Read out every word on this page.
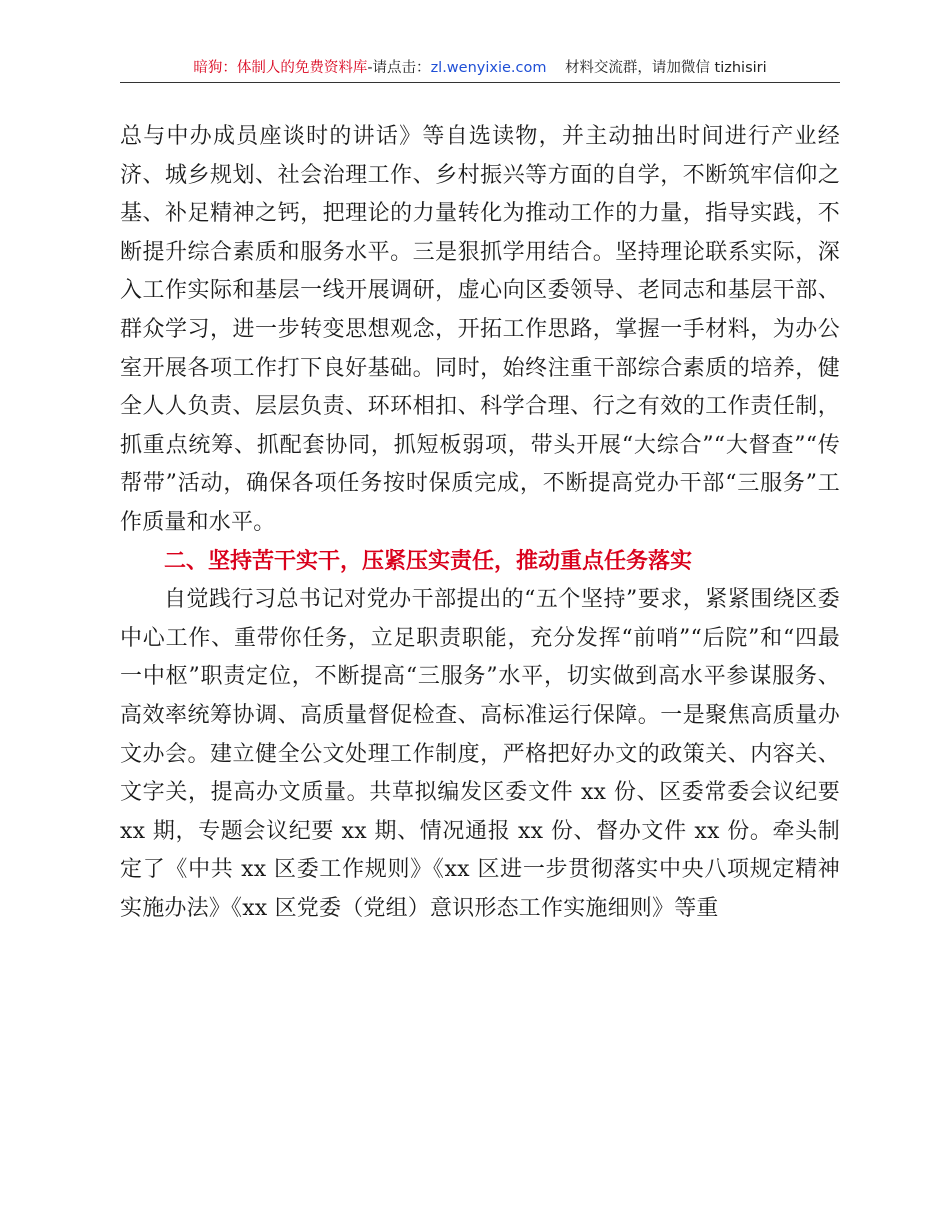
暗狗：体制人的免费资料库-请点击：zl.wenyixie.com 材料交流群，请加微信 tizhisiri

总与中办成员座谈时的讲话》等自选读物，并主动抽出时间进行产业经济、城乡规划、社会治理工作、乡村振兴等方面的自学，不断筑牢信仰之基、补足精神之钙，把理论的力量转化为推动工作的力量，指导实践，不断提升综合素质和服务水平。三是狠抓学用结合。坚持理论联系实际，深入工作实际和基层一线开展调研，虚心向区委领导、老同志和基层干部、群众学习，进一步转变思想观念，开拓工作思路，掌握一手材料，为办公室开展各项工作打下良好基础。同时，始终注重干部综合素质的培养，健全人人负责、层层负责、环环相扣、科学合理、行之有效的工作责任制，抓重点统筹、抓配套协同，抓短板弱项，带头开展“大综合”“大督查”“传帮带”活动，确保各项任务按时保质完成，不断提高党办干部“三服务”工作质量和水平。

二、坚持苦干实干，压紧压实责任，推动重点任务落实

自觉践行习总书记对党办干部提出的“五个坚持”要求，紧紧围绕区委中心工作、重带你任务，立足职责职能，充分发挥“前哨”“后院”和“四最一中枢”职责定位，不断提高“三服务”水平，切实做到高水平参谋服务、高效率统筹协调、高质量督促检查、高标准运行保障。一是聚焦高质量办文办会。建立健全公文处理工作制度，严格把好办文的政策关、内容关、文字关，提高办文质量。共草拟编发区委文件 xx 份、区委常委会议纪要 xx 期，专题会议纪要 xx 期、情况通报 xx 份、督办文件 xx 份。牵头制定了《中共 xx 区委工作规则》《xx 区进一步贯彻落实中央八项规定精神实施办法》《xx 区党委（党组）意识形态工作实施细则》等重
